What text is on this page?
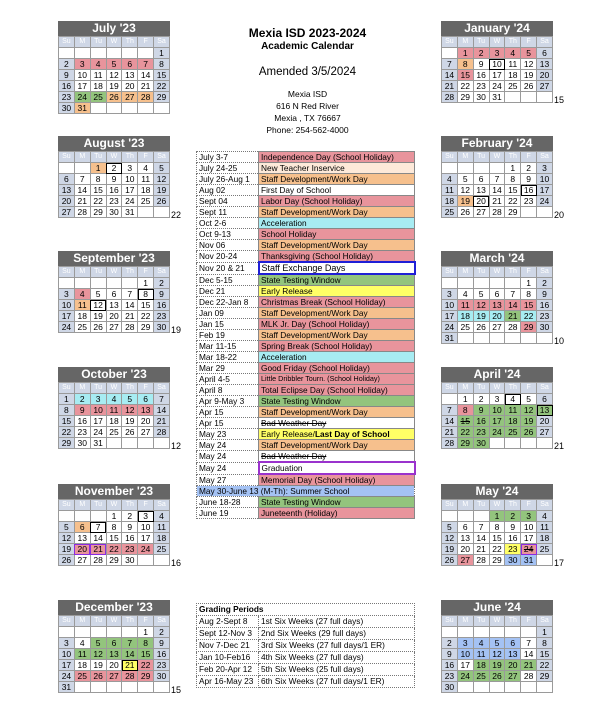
Mexia ISD 2023-2024
Academic Calendar
Amended 3/5/2024
Mexia ISD
616 N Red River
Mexia , TX 76667
Phone: 254-562-4000
July '23
Su	M	Tu	W	Th	F	Sa
						1
2	3	4	5	6	7	8
9	10	11	12	13	14	15
16	17	18	19	20	21	22
23	24	25	26	27	28	29
30	31					
August '23
Su	M	Tu	W	Th	F	Sa
		1	2	3	4	5
6	7	8	9	10	11	12
13	14	15	16	17	18	19
20	21	22	23	24	25	26
27	28	29	30	31			22
September '23
Su	M	Tu	W	Th	F	Sa
					1	2
3	4	5	6	7	8	9
10	11	12	13	14	15	16
17	18	19	20	21	22	23
24	25	26	27	28	29	30 19
October '23
Su	M	Tu	W	Th	F	Sa
1	2	3	4	5	6	7
8	9	10	11	12	13	14
15	16	17	18	19	20	21
22	23	24	25	26	27	28
29	30	31					12
November '23
Su	M	Tu	W	Th	F	Sa
			1	2	3	4
5	6	7	8	9	10	11
12	13	14	15	16	17	18
19	20	21	22	23	24	25
26	27	28	29	30			16
December '23
Su	M	Tu	W	Th	F	Sa
					1	2
3	4	5	6	7	8	9
10	11	12	13	14	15	16
17	18	19	20	21	22	23
24	25	26	27	28	29	30
31							15
January '24
Su	M	Tu	W	Th	F	Sa
	1	2	3	4	5	6
7	8	9	10	11	12	13
14	15	16	17	18	19	20
21	22	23	24	25	26	27
28	29	30	31				15
February '24
Su	M	Tu	W	Th	F	Sa
				1	2	3
4	5	6	7	8	9	10
11	12	13	14	15	16	17
18	19	20	21	22	23	24
25	26	27	28	29			20
March '24
Su	M	Tu	W	Th	F	Sa
					1	2
3	4	5	6	7	8	9
10	11	12	13	14	15	16
17	18	19	20	21	22	23
24	25	26	27	28	29	30
31							10
April '24
Su	M	Tu	W	Th	F	Sa
	1	2	3	4	5	6
7	8	9	10	11	12	13
14	15	16	17	18	19	20
21	22	23	24	25	26	27
28	29	30					21
May '24
Su	M	Tu	W	Th	F	Sa
			1	2	3	4
5	6	7	8	9	10	11
12	13	14	15	16	17	18
19	20	21	22	23	24	25
26	27	28	29	30	31	17
June '24
Su	M	Tu	W	Th	F	Sa
						1
2	3	4	5	6	7	8
9	10	11	12	13	14	15
16	17	18	19	20	21	22
23	24	25	26	27	28	29
30						
July 3-7	Independence Day (School Holiday)
July 24-25	New Teacher Inservice
July 26-Aug 1	Staff Development/Work Day
Aug 02	First Day of School
Sept 04	Labor Day (School Holiday)
Sept 11	Staff Development/Work Day
Oct 2-6	Acceleration
Oct 9-13	School Holiday
Nov 06	Staff Development/Work Day
Nov 20-24	Thanksgiving (School Holiday)
Nov 20 & 21	Staff Exchange Days
Dec 5-15	State Testing Window
Dec 21	Early Release
Dec 22-Jan 8	Christmas Break (School Holiday)
Jan 09	Staff Development/Work Day
Jan 15	MLK Jr. Day (School Holiday)
Feb 19	Staff Development/Work Day
Mar 11-15	Spring Break (School Holiday)
Mar 18-22	Acceleration
Mar 29	Good Friday (School Holiday)
April 4-5	Little Dribbler Tourn. (School Holiday)
April 8	Total Eclipse Day (School Holiday)
Apr 9-May 3	State Testing Window
Apr 15	Staff Development/Work Day
Apr 15	Bad Weather Day
May 23	Early Release/Last Day of School
May 24	Staff Development/Work Day
May 24	Bad Weather Day
May 24	Graduation
May 27	Memorial Day (School Holiday)
May 30-June 13 (M-Th): Summer School	
June 18-28	State Testing Window
June 19	Juneteenth (Holiday)
Grading Periods	
Aug 2-Sept 8	1st Six Weeks (27 full days)
Sept 12-Nov 3	2nd Six Weeks (29 full days)
Nov 7-Dec 21	3rd Six Weeks (27 full days/1 ER)
Jan 10-Feb16	4th Six Weeks (27 full days)
Feb 20-Apr 12	5th Six Weeks (25 full days)
Apr 16-May 23	6th Six Weeks (27 full days/1 ER)
